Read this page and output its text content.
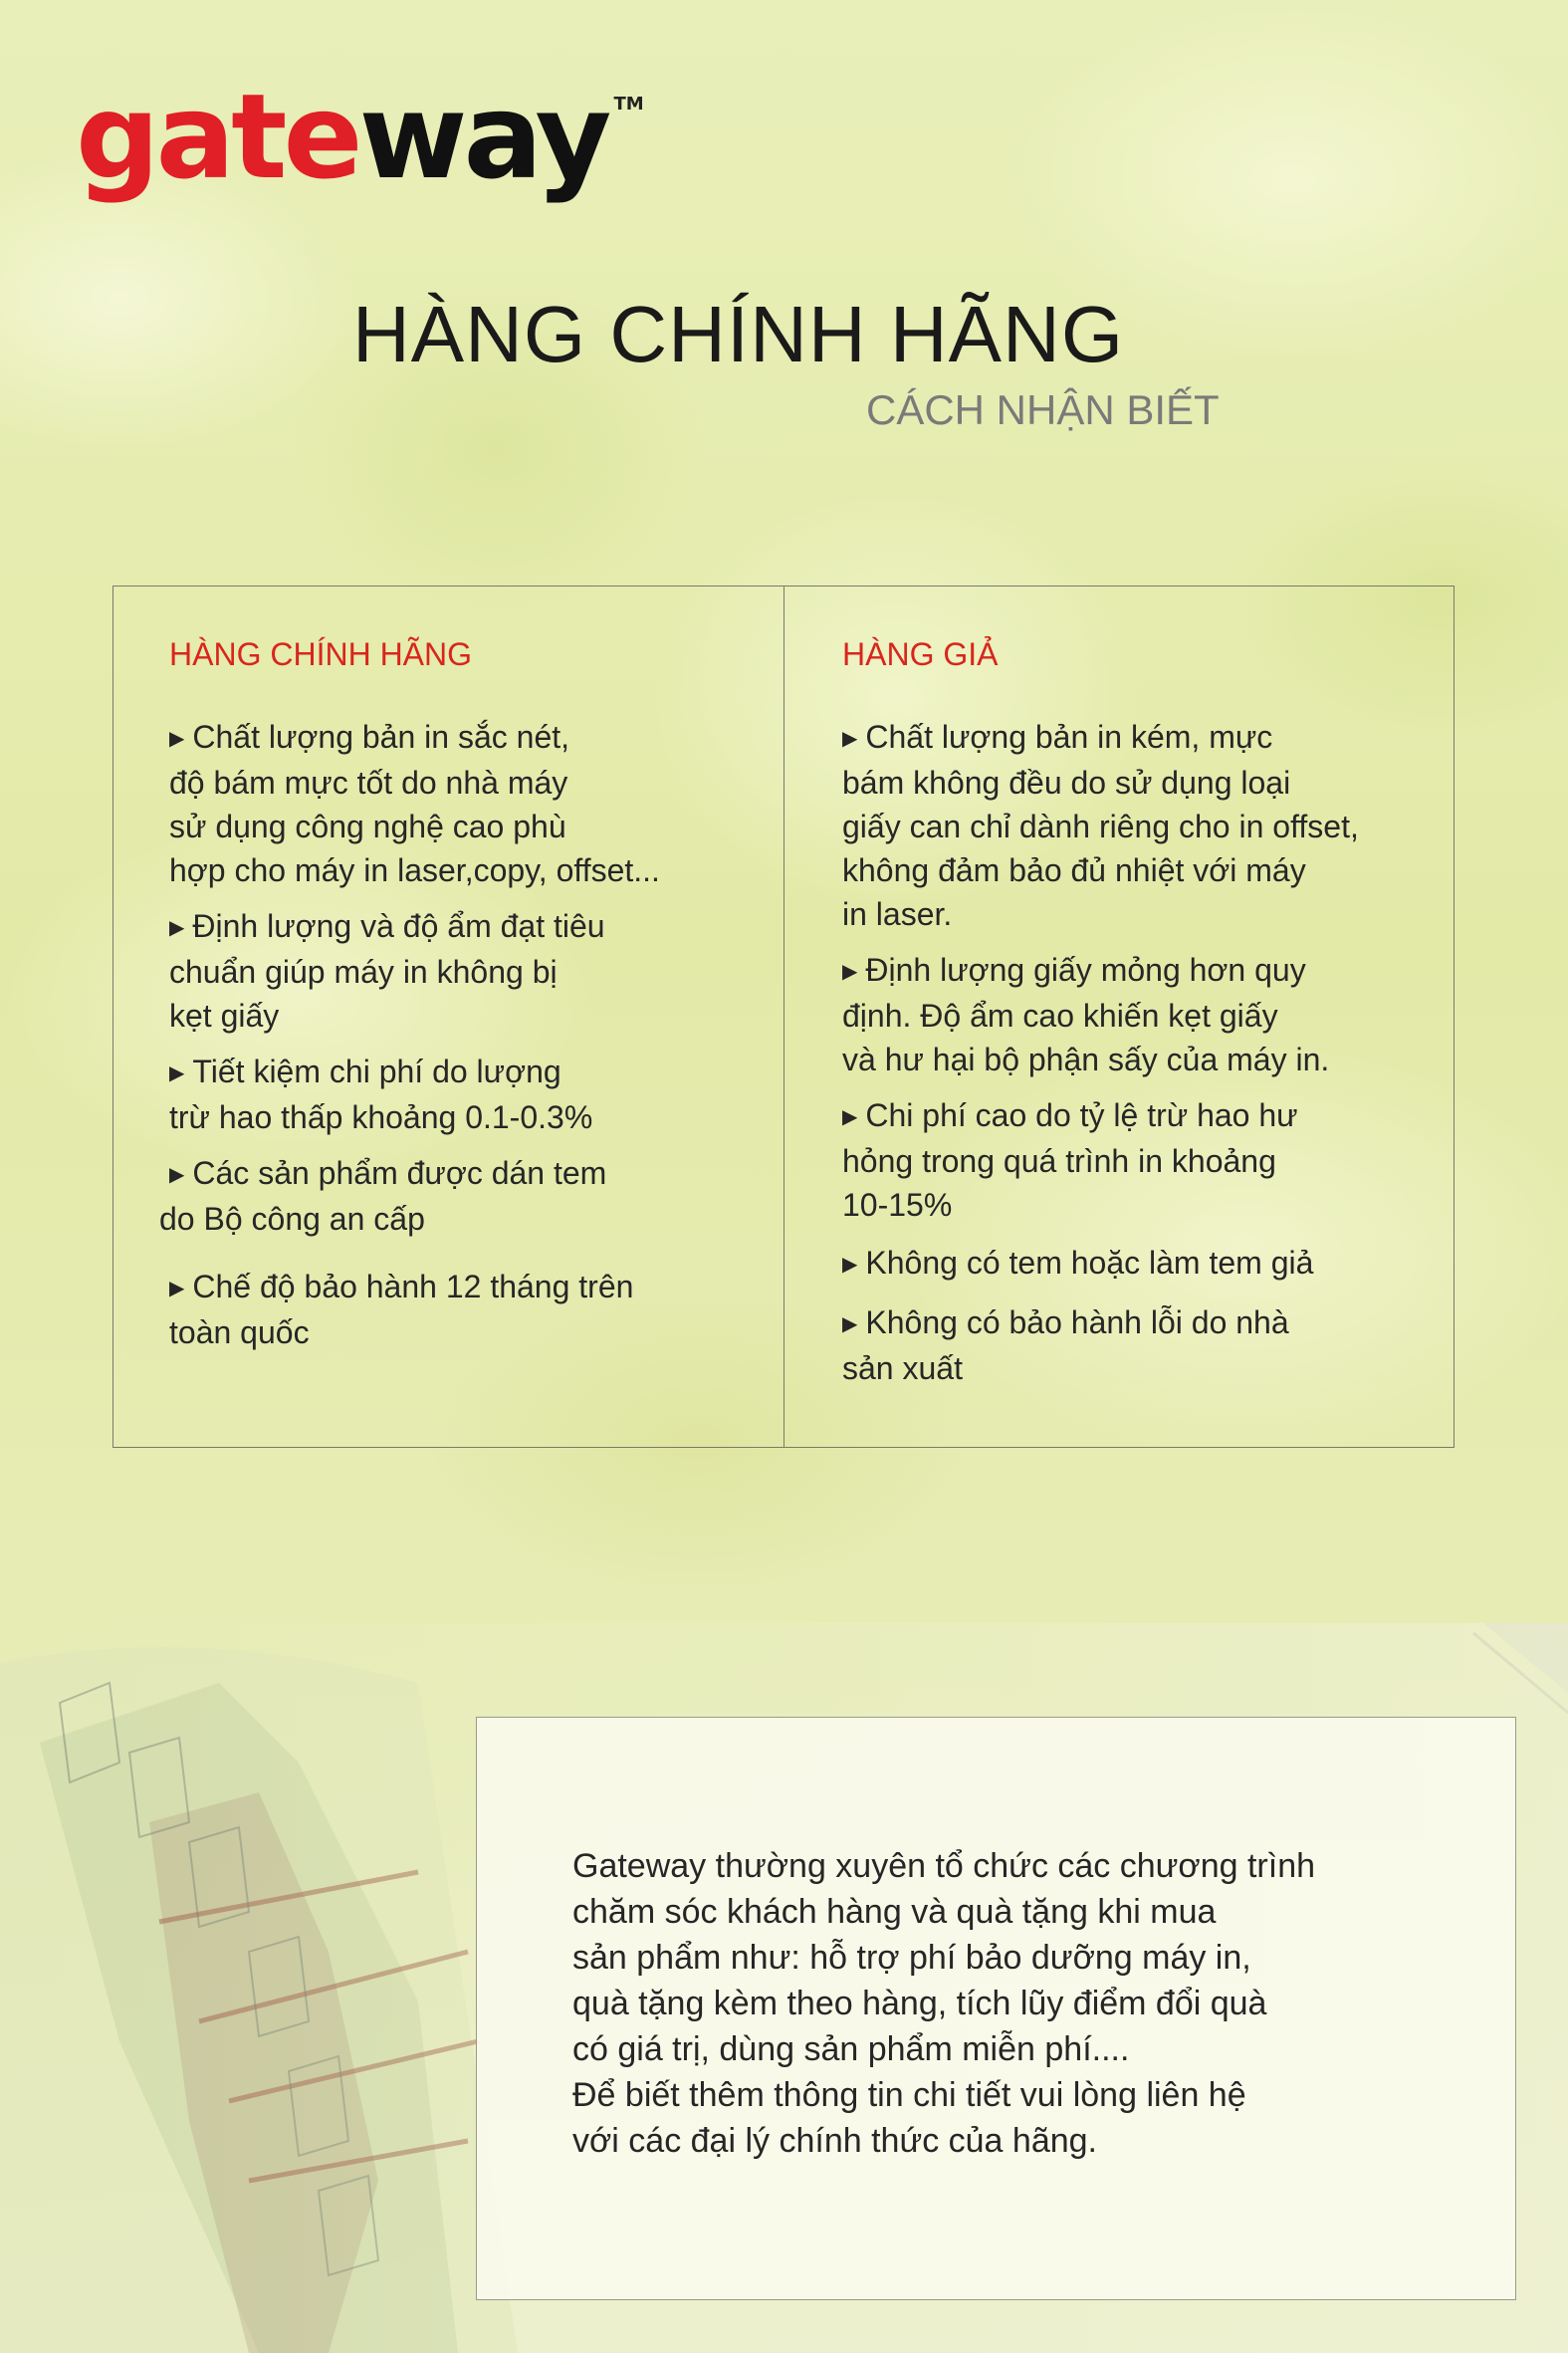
gateway ™
HÀNG CHÍNH HÃNG
CÁCH NHẬN BIẾT
HÀNG CHÍNH HÃNG

▶ Chất lượng bản in sắc nét,
độ bám mực tốt do nhà máy
sử dụng công nghệ cao phù
hợp cho máy in laser,copy, offset...

▶ Định lượng và độ ẩm đạt tiêu
chuẩn giúp máy in không bị
kẹt giấy

▶ Tiết kiệm chi phí do lượng
trừ hao thấp khoảng 0.1-0.3%

▶ Các sản phẩm được dán tem
do Bộ công an cấp

▶ Chế độ bảo hành 12 tháng trên
toàn quốc

HÀNG GIẢ

▶ Chất lượng bản in kém, mực
bám không đều do sử dụng loại
giấy can chỉ dành riêng cho in offset,
không đảm bảo đủ nhiệt với máy
in laser.

▶ Định lượng giấy mỏng hơn quy
định. Độ ẩm cao khiến kẹt giấy
và hư hại bộ phận sấy của máy in.

▶ Chi phí cao do tỷ lệ trừ hao hư
hỏng trong quá trình in khoảng
10-15%

▶ Không có tem hoặc làm tem giả

▶ Không có bảo hành lỗi do nhà
sản xuất

Gateway thường xuyên tổ chức các chương trình
chăm sóc khách hàng và quà tặng khi mua
sản phẩm như: hỗ trợ phí bảo dưỡng máy in,
quà tặng kèm theo hàng, tích lũy điểm đổi quà
có giá trị, dùng sản phẩm miễn phí....
Để biết thêm thông tin chi tiết vui lòng liên hệ
với các đại lý chính thức của hãng.
